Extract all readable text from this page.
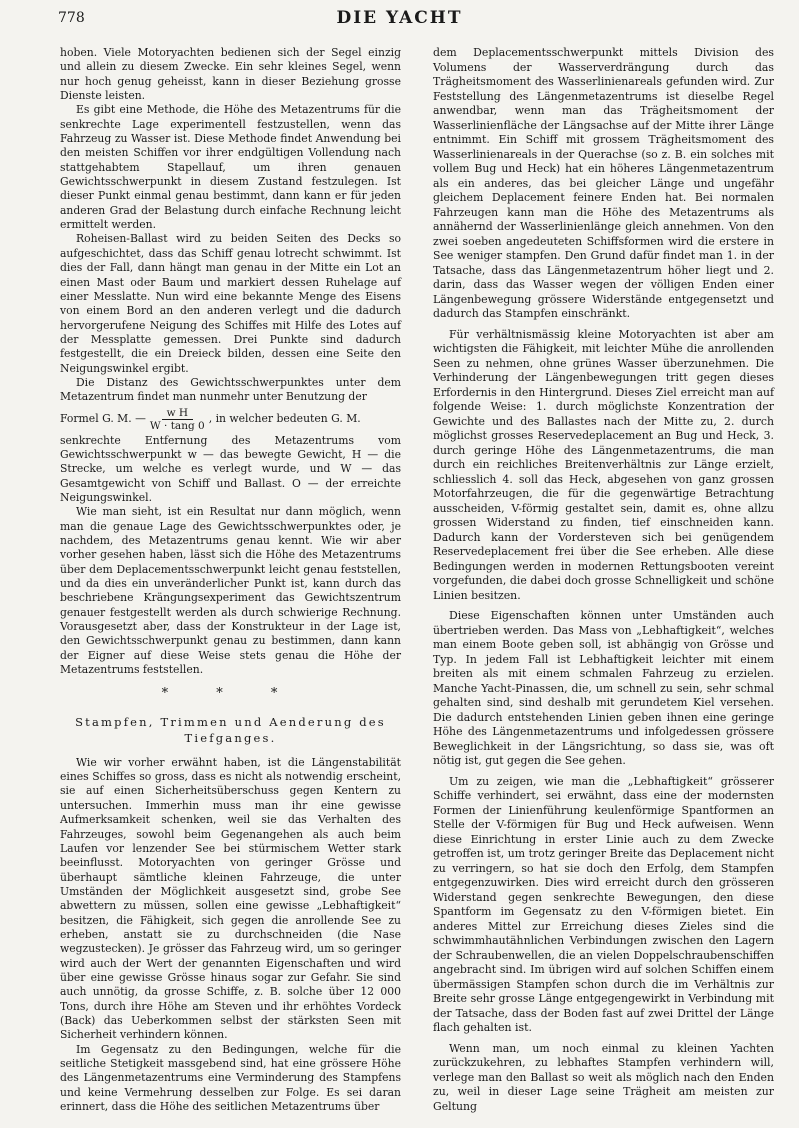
778	DIE YACHT

hoben. Viele Motoryachten bedienen sich der Segel einzig und allein zu diesem Zwecke. Ein sehr kleines Segel, wenn nur hoch genug geheisst, kann in dieser Beziehung grosse Dienste leisten.

Es gibt eine Methode, die Höhe des Metazentrums für die senkrechte Lage experimentell festzustellen, wenn das Fahrzeug zu Wasser ist. Diese Methode findet Anwendung bei den meisten Schiffen vor ihrer endgültigen Vollendung nach stattgehabtem Stapellauf, um ihren genauen Gewichtsschwerpunkt in diesem Zustand festzulegen. Ist dieser Punkt einmal genau bestimmt, dann kann er für jeden anderen Grad der Belastung durch einfache Rechnung leicht ermittelt werden.

Roheisen-Ballast wird zu beiden Seiten des Decks so aufgeschichtet, dass das Schiff genau lotrecht schwimmt. Ist dies der Fall, dann hängt man genau in der Mitte ein Lot an einen Mast oder Baum und markiert dessen Ruhelage auf einer Messlatte. Nun wird eine bekannte Menge des Eisens von einem Bord an den anderen verlegt und die dadurch hervorgerufene Neigung des Schiffes mit Hilfe des Lotes auf der Messplatte gemessen. Drei Punkte sind dadurch festgestellt, die ein Dreieck bilden, dessen eine Seite den Neigungswinkel ergibt.

Die Distanz des Gewichtsschwerpunktes unter dem Metazentrum findet man nunmehr unter Benutzung der

Formel G. M. — $\frac{\text{w H}}{W \cdot \tan g 0}$ , in welcher bedeuten G. M.

senkrechte Entfernung des Metazentrums vom Gewichtsschwerpunkt w — das bewegte Gewicht, H — die Strecke, um welche es verlegt wurde, und W — das Gesamtgewicht von Schiff und Ballast. O — der erreichte Neigungswinkel.

Wie man sieht, ist ein Resultat nur dann möglich, wenn man die genaue Lage des Gewichtsschwerpunktes oder, je nachdem, des Metazentrums genau kennt. Wie wir aber vorher gesehen haben, lässt sich die Höhe des Metazentrums über dem Deplacementsschwerpunkt leicht genau feststellen, und da dies ein unveränderlicher Punkt ist, kann durch das beschriebene Krängungsexperiment das Gewichtszentrum genauer festgestellt werden als durch schwierige Rechnung. Vorausgesetzt aber, dass der Konstrukteur in der Lage ist, den Gewichtsschwerpunkt genau zu bestimmen, dann kann der Eigner auf diese Weise stets genau die Höhe der Metazentrums feststellen.

* * *
Stampfen, Trimmen und Aenderung des Tiefganges.

Wie wir vorher erwähnt haben, ist die Längenstabilität eines Schiffes so gross, dass es nicht als notwendig erscheint, sie auf einen Sicherheitsüberschuss gegen Kentern zu untersuchen. Immerhin muss man ihr eine gewisse Aufmerksamkeit schenken, weil sie das Verhalten des Fahrzeuges, sowohl beim Gegenangehen als auch beim Laufen vor lenzender See bei stürmischem Wetter stark beeinflusst. Motoryachten von geringer Grösse und überhaupt sämtliche kleinen Fahrzeuge, die unter Umständen der Möglichkeit ausgesetzt sind, grobe See abwettern zu müssen, sollen eine gewisse „Lebhaftigkeit“ besitzen, die Fähigkeit, sich gegen die anrollende See zu erheben, anstatt sie zu durchschneiden (die Nase wegzustecken). Je grösser das Fahrzeug wird, um so geringer wird auch der Wert der genannten Eigenschaften und wird über eine gewisse Grösse hinaus sogar zur Gefahr. Sie sind auch unnötig, da grosse Schiffe, z. B. solche über 12 000 Tons, durch ihre Höhe am Steven und ihr erhöhtes Vordeck (Back) das Ueberkommen selbst der stärksten Seen mit Sicherheit verhindern können.

Im Gegensatz zu den Bedingungen, welche für die seitliche Stetigkeit massgebend sind, hat eine grössere Höhe des Längenmetazentrums eine Verminderung des Stampfens und keine Vermehrung desselben zur Folge. Es sei daran erinnert, dass die Höhe des seitlichen Metazentrums über

dem Deplacementsschwerpunkt mittels Division des Volumens der Wasserverdrängung durch das Trägheitsmoment des Wasserlinienareals gefunden wird. Zur Feststellung des Längenmetazentrums ist dieselbe Regel anwendbar, wenn man das Trägheitsmoment der Wasserlinienfläche der Längsachse auf der Mitte ihrer Länge entnimmt. Ein Schiff mit grossem Trägheitsmoment des Wasserlinienareals in der Querachse (so z. B. ein solches mit vollem Bug und Heck) hat ein höheres Längenmetazentrum als ein anderes, das bei gleicher Länge und ungefähr gleichem Deplacement feinere Enden hat. Bei normalen Fahrzeugen kann man die Höhe des Metazentrums als annähernd der Wasserlinienlänge gleich annehmen. Von den zwei soeben angedeuteten Schiffsformen wird die erstere in See weniger stampfen. Den Grund dafür findet man 1. in der Tatsache, dass das Längenmetazentrum höher liegt und 2. darin, dass das Wasser wegen der völligen Enden einer Längenbewegung grössere Widerstände entgegensetzt und dadurch das Stampfen einschränkt.

Für verhältnismässig kleine Motoryachten ist aber am wichtigsten die Fähigkeit, mit leichter Mühe die anrollenden Seen zu nehmen, ohne grünes Wasser überzunehmen. Die Verhinderung der Längenbewegungen tritt gegen dieses Erfordernis in den Hintergrund. Dieses Ziel erreicht man auf folgende Weise: 1. durch möglichste Konzentration der Gewichte und des Ballastes nach der Mitte zu, 2. durch möglichst grosses Reservedeplacement an Bug und Heck, 3. durch geringe Höhe des Längenmetazentrums, die man durch ein reichliches Breitenverhältnis zur Länge erzielt, schliesslich 4. soll das Heck, abgesehen von ganz grossen Motorfahrzeugen, die für die gegenwärtige Betrachtung ausscheiden, V-förmig gestaltet sein, damit es, ohne allzu grossen Widerstand zu finden, tief einschneiden kann. Dadurch kann der Vordersteven sich bei genügendem Reservedeplacement frei über die See erheben. Alle diese Bedingungen werden in modernen Rettungsbooten vereint vorgefunden, die dabei doch grosse Schnelligkeit und schöne Linien besitzen.

Diese Eigenschaften können unter Umständen auch übertrieben werden. Das Mass von „Lebhaftigkeit“, welches man einem Boote geben soll, ist abhängig von Grösse und Typ. In jedem Fall ist Lebhaftigkeit leichter mit einem breiten als mit einem schmalen Fahrzeug zu erzielen. Manche Yacht-Pinassen, die, um schnell zu sein, sehr schmal gehalten sind, sind deshalb mit gerundetem Kiel versehen. Die dadurch entstehenden Linien geben ihnen eine geringe Höhe des Längenmetazentrums und infolgedessen grössere Beweglichkeit in der Längsrichtung, so dass sie, was oft nötig ist, gut gegen die See gehen.

Um zu zeigen, wie man die „Lebhaftigkeit“ grösserer Schiffe verhindert, sei erwähnt, dass eine der modernsten Formen der Linienführung keulenförmige Spantformen an Stelle der V-förmigen für Bug und Heck aufweisen. Wenn diese Einrichtung in erster Linie auch zu dem Zwecke getroffen ist, um trotz geringer Breite das Deplacement nicht zu verringern, so hat sie doch den Erfolg, dem Stampfen entgegenzuwirken. Dies wird erreicht durch den grösseren Widerstand gegen senkrechte Bewegungen, den diese Spantform im Gegensatz zu den V-förmigen bietet. Ein anderes Mittel zur Erreichung dieses Zieles sind die schwimmhautähnlichen Verbindungen zwischen den Lagern der Schraubenwellen, die an vielen Doppelschraubenschiffen angebracht sind. Im übrigen wird auf solchen Schiffen einem übermässigen Stampfen schon durch die im Verhältnis zur Breite sehr grosse Länge entgegengewirkt in Verbindung mit der Tatsache, dass der Boden fast auf zwei Drittel der Länge flach gehalten ist.

Wenn man, um noch einmal zu kleinen Yachten zurückzukehren, zu lebhaftes Stampfen verhindern will, verlege man den Ballast so weit als möglich nach den Enden zu, weil in dieser Lage seine Trägheit am meisten zur Geltung
